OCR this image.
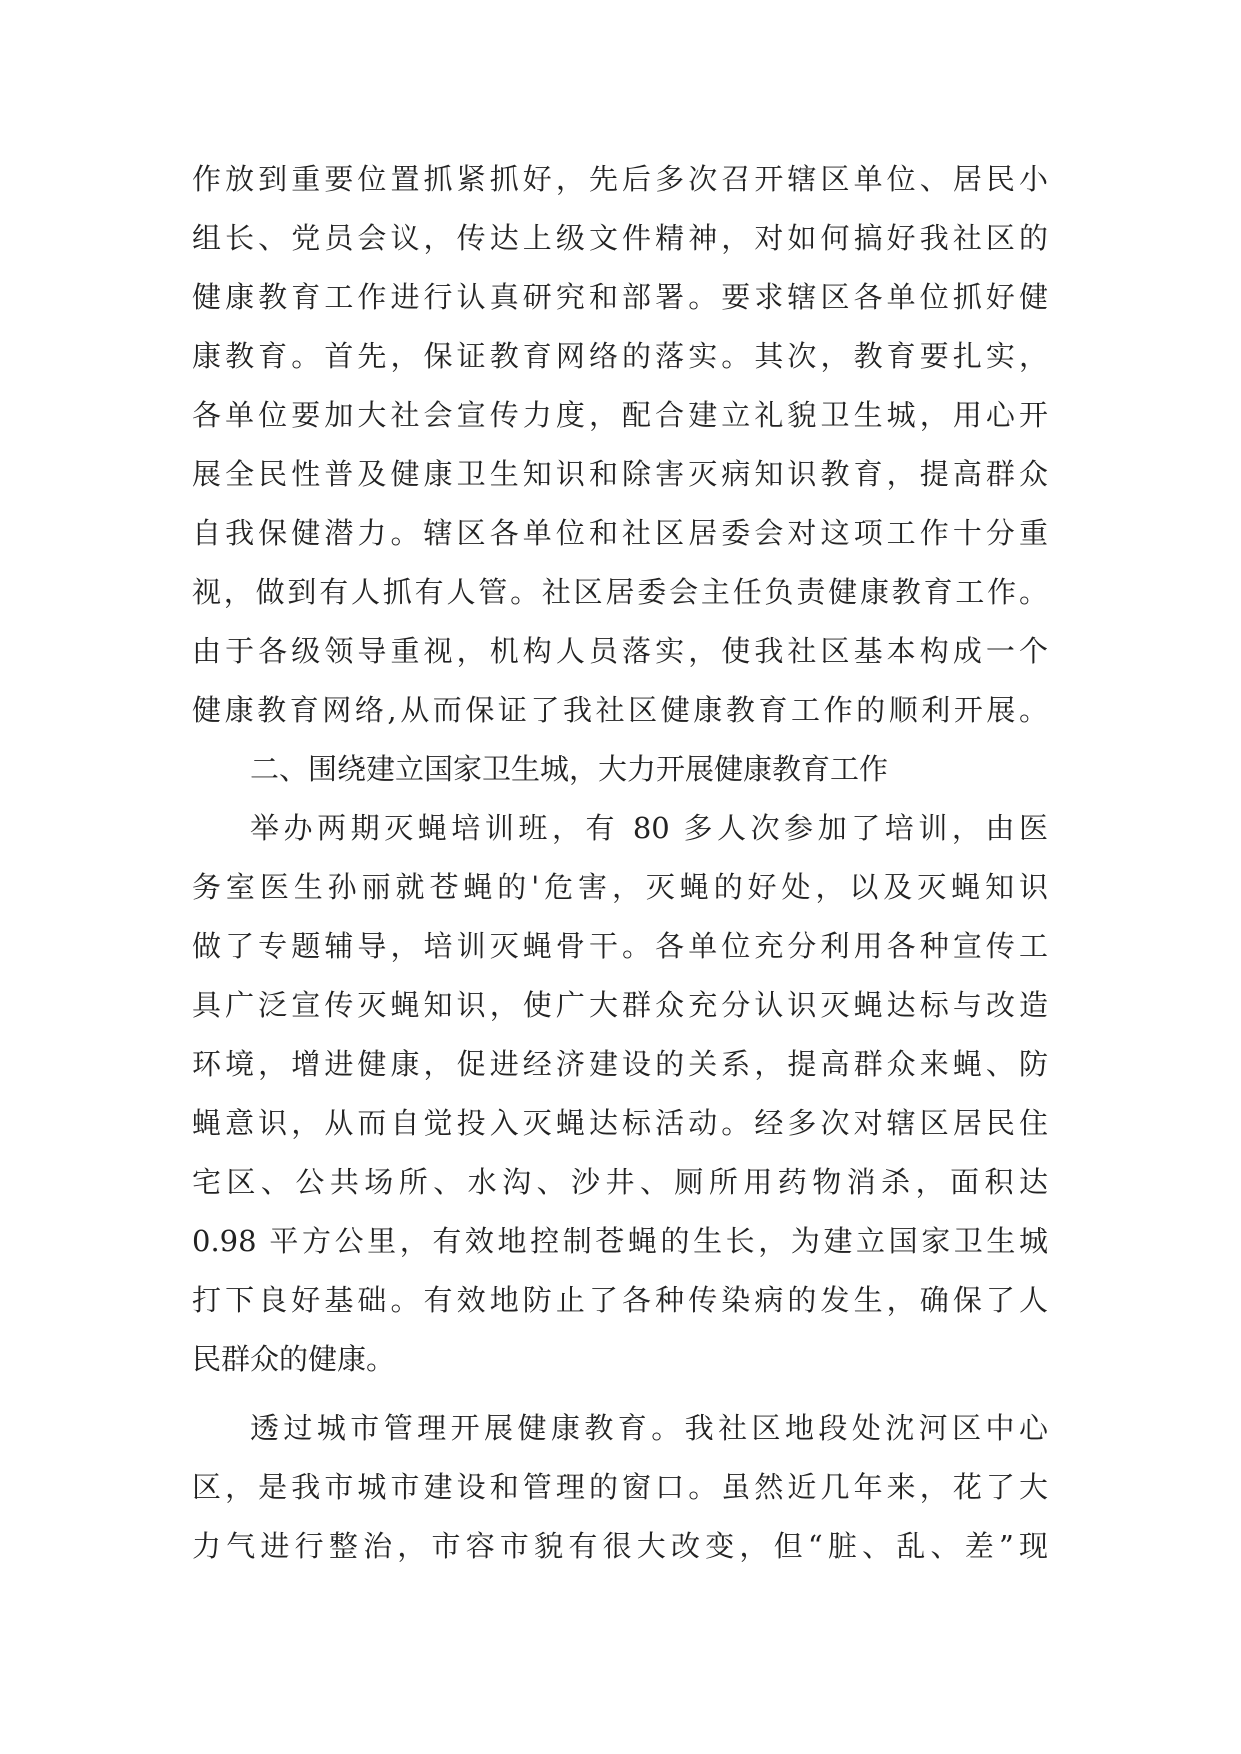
作放到重要位置抓紧抓好，先后多次召开辖区单位、居民小
组长、党员会议，传达上级文件精神，对如何搞好我社区的
健康教育工作进行认真研究和部署。要求辖区各单位抓好健
康教育。首先，保证教育网络的落实。其次，教育要扎实，
各单位要加大社会宣传力度，配合建立礼貌卫生城，用心开
展全民性普及健康卫生知识和除害灭病知识教育，提高群众
自我保健潜力。辖区各单位和社区居委会对这项工作十分重
视，做到有人抓有人管。社区居委会主任负责健康教育工作。
由于各级领导重视，机构人员落实，使我社区基本构成一个
健康教育网络,从而保证了我社区健康教育工作的顺利开展。
二、围绕建立国家卫生城，大力开展健康教育工作
举办两期灭蝇培训班，有 80 多人次参加了培训，由医
务室医生孙丽就苍蝇的'危害，灭蝇的好处，以及灭蝇知识
做了专题辅导，培训灭蝇骨干。各单位充分利用各种宣传工
具广泛宣传灭蝇知识，使广大群众充分认识灭蝇达标与改造
环境，增进健康，促进经济建设的关系，提高群众来蝇、防
蝇意识，从而自觉投入灭蝇达标活动。经多次对辖区居民住
宅区、公共场所、水沟、沙井、厕所用药物消杀，面积达
0.98 平方公里，有效地控制苍蝇的生长，为建立国家卫生城
打下良好基础。有效地防止了各种传染病的发生，确保了人
民群众的健康。
透过城市管理开展健康教育。我社区地段处沈河区中心
区，是我市城市建设和管理的窗口。虽然近几年来，花了大
力气进行整治，市容市貌有很大改变，但“脏、乱、差”现
